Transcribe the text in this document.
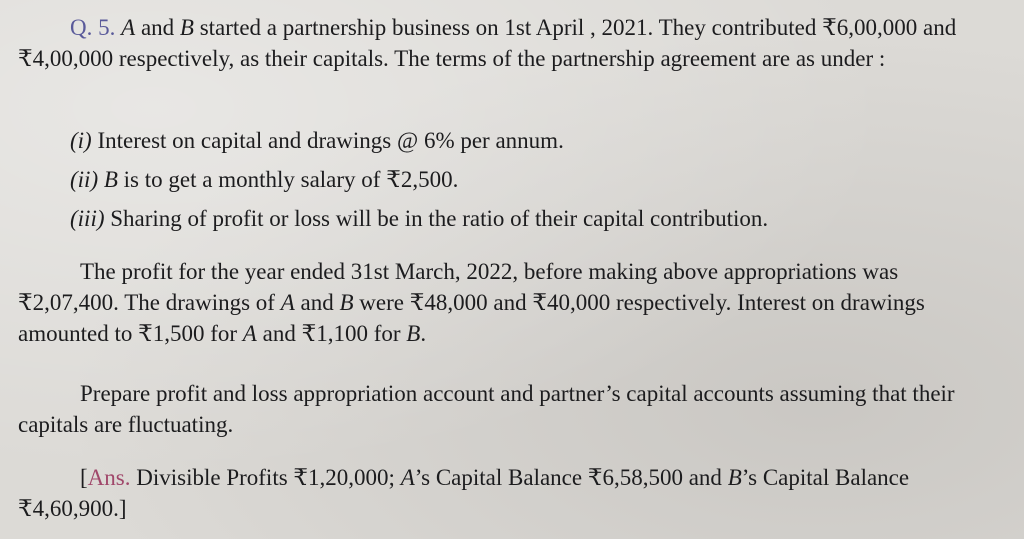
Q. 5. A and B started a partnership business on 1st April , 2021. They contributed ₹6,00,000 and ₹4,00,000 respectively, as their capitals. The terms of the partnership agreement are as under :

(i) Interest on capital and drawings @ 6% per annum.

(ii) B is to get a monthly salary of ₹2,500.

(iii) Sharing of profit or loss will be in the ratio of their capital contribution.

The profit for the year ended 31st March, 2022, before making above appropriations was ₹2,07,400. The drawings of A and B were ₹48,000 and ₹40,000 respectively. Interest on drawings amounted to ₹1,500 for A and ₹1,100 for B.

Prepare profit and loss appropriation account and partner’s capital accounts assuming that their capitals are fluctuating.

[Ans. Divisible Profits ₹1,20,000; A’s Capital Balance ₹6,58,500 and B’s Capital Balance ₹4,60,900.]
